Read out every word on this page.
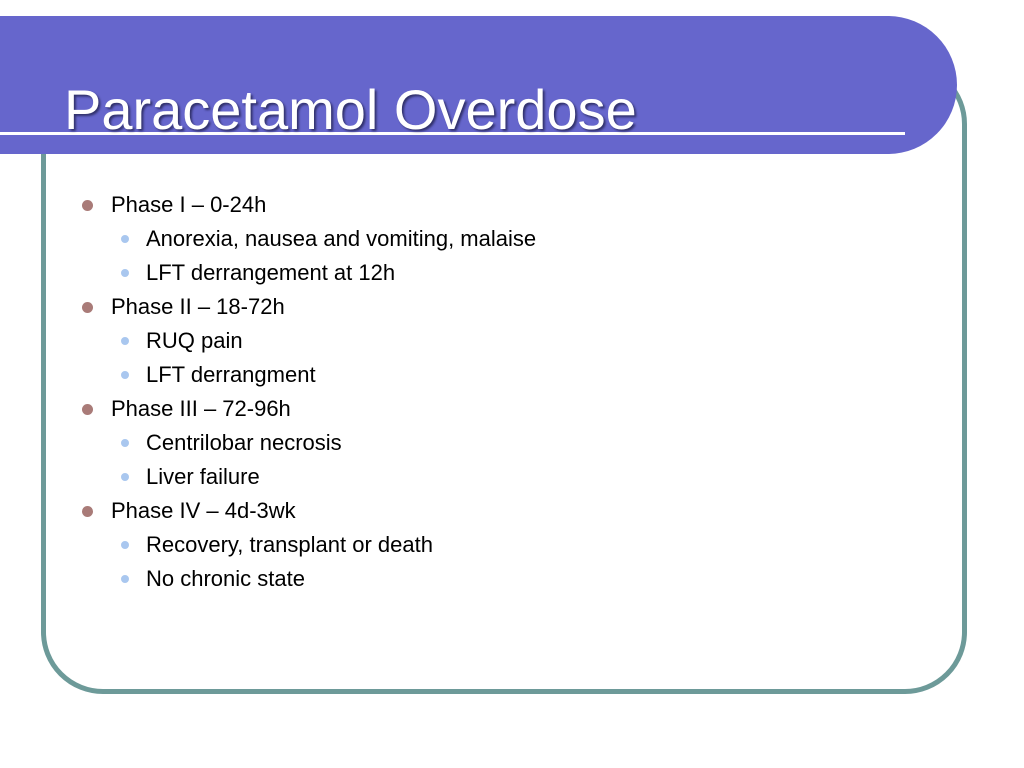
Paracetamol Overdose
Phase I – 0-24h
Anorexia, nausea and vomiting, malaise
LFT derrangement at 12h
Phase II – 18-72h
RUQ pain
LFT derrangment
Phase III – 72-96h
Centrilobar necrosis
Liver failure
Phase IV – 4d-3wk
Recovery, transplant or death
No chronic state
